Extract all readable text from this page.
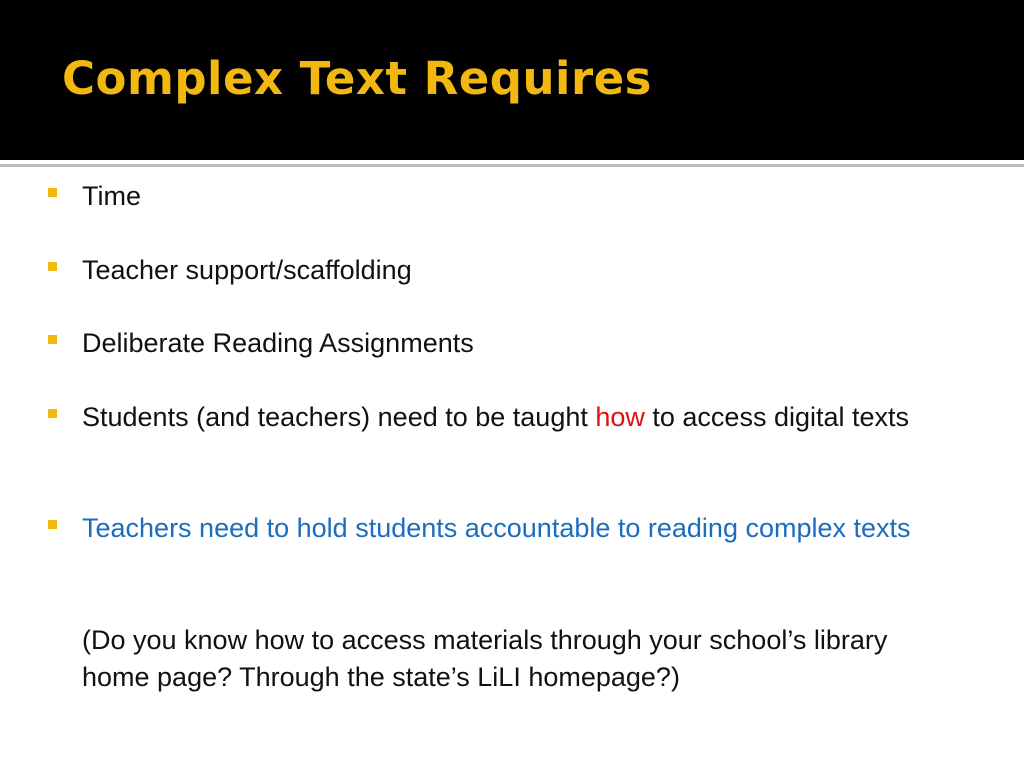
Complex Text Requires
Time
Teacher support/scaffolding
Deliberate Reading Assignments
Students (and teachers) need to be taught how to access digital texts
Teachers need to hold students accountable to reading complex texts

(Do you know how to access materials through your school’s library home page? Through the state’s LiLI homepage?)
